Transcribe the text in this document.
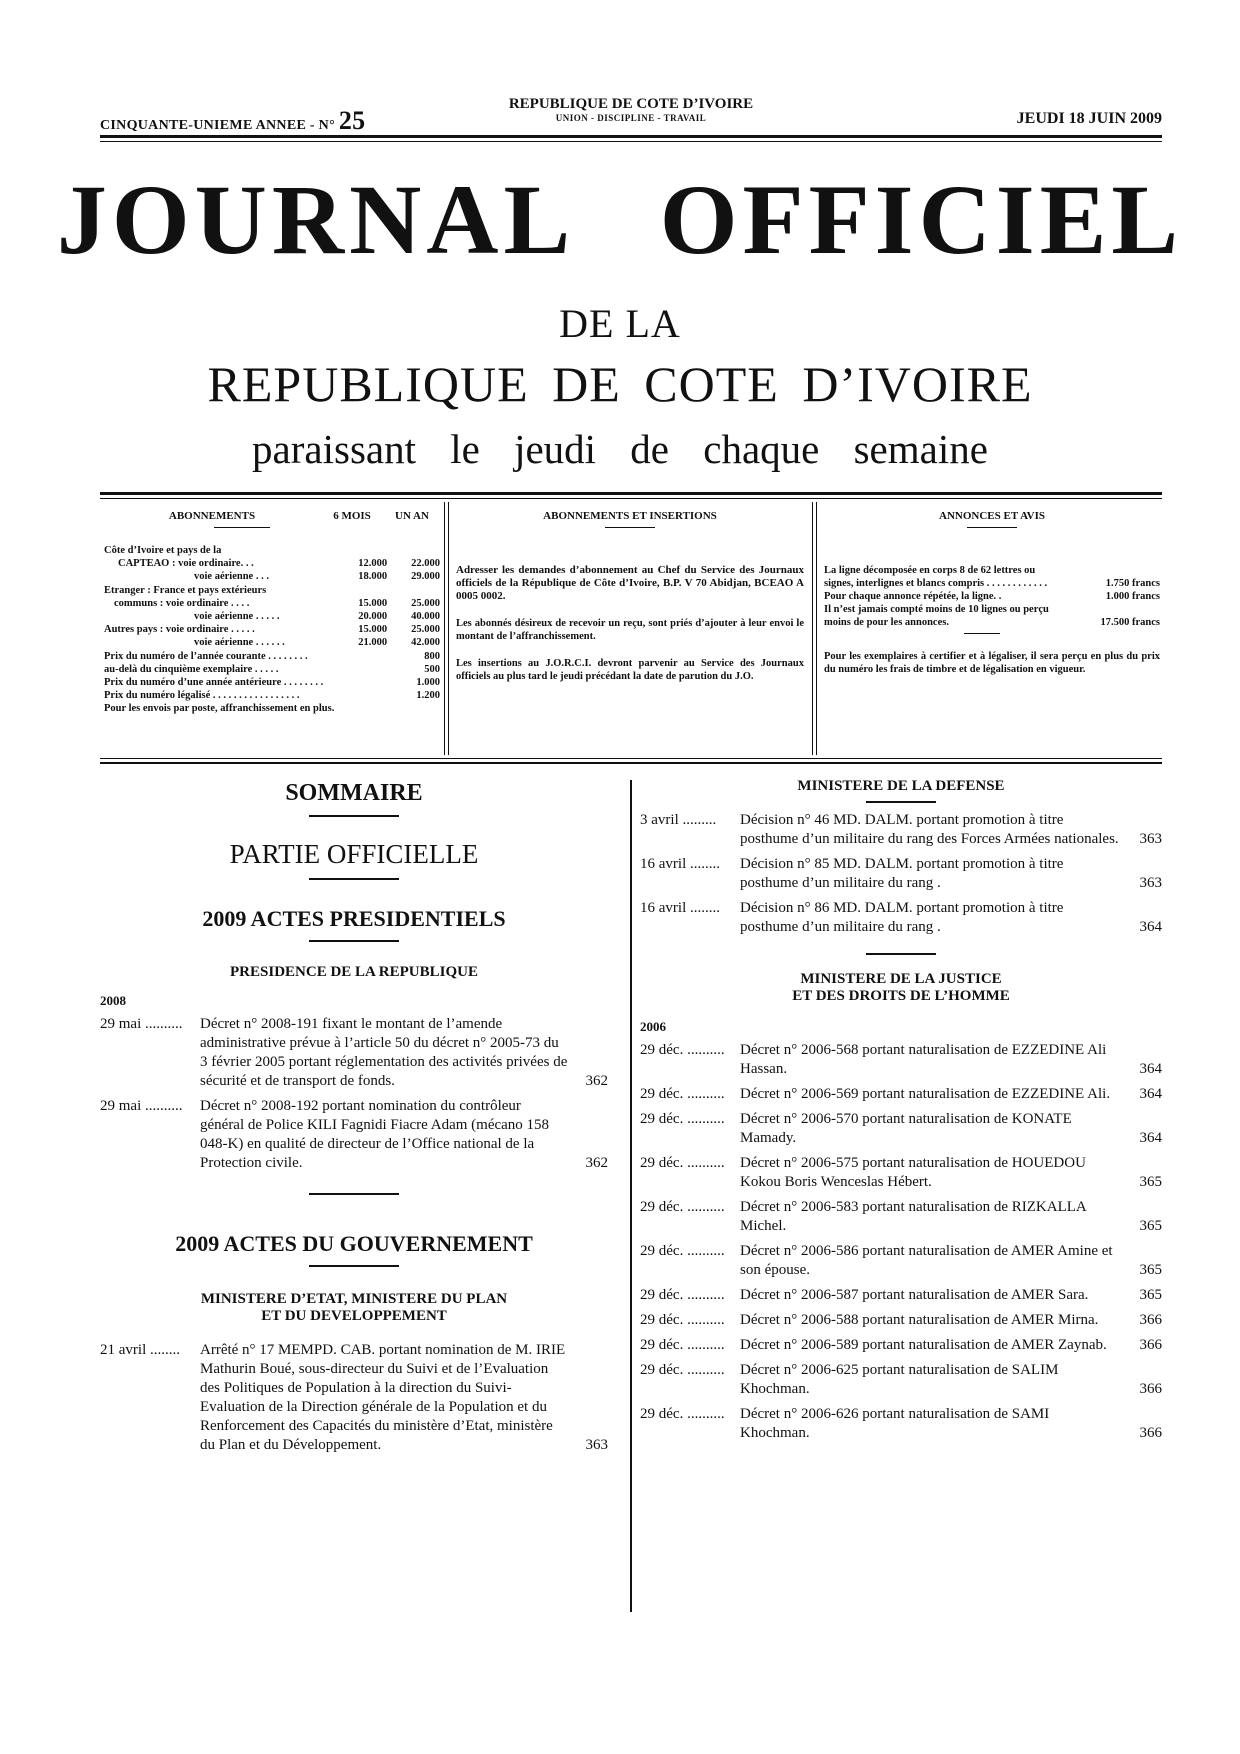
CINQUANTE-UNIEME ANNEE - N° 25
REPUBLIQUE DE COTE D’IVOIRE
UNION - DISCIPLINE - TRAVAIL	JEUDI 18 JUIN 2009
JOURNAL OFFICIEL
DE LA
REPUBLIQUE DE COTE D’IVOIRE
paraissant le jeudi de chaque semaine
ABONNEMENTS	6 MOIS	UN AN
Côte d’Ivoire et pays de la		
CAPTEAO : voie ordinaire. . .	12.000	22.000
voie aérienne . . .	18.000	29.000
Etranger : France et pays extérieurs		
communs : voie ordinaire . . . .	15.000	25.000
voie aérienne . . . . .	20.000	40.000
Autres pays : voie ordinaire . . . . .	15.000	25.000
voie aérienne . . . . . .	21.000	42.000
Prix du numéro de l’année courante . . . . . . . .		800
au-delà du cinquième exemplaire . . . . .		500
Prix du numéro d’une année antérieure . . . . . . . .		1.000
Prix du numéro légalisé . . . . . . . . . . . . . . . . .		1.200
Pour les envois par poste, affranchissement en plus.		
ABONNEMENTS ET INSERTIONS
Adresser les demandes d’abonnement au Chef du Service des Journaux officiels de la République de Côte d’Ivoire, B.P. V 70 Abidjan, BCEAO A 0005 0002.
Les abonnés désireux de recevoir un reçu, sont priés d’ajouter à leur envoi le montant de l’affranchissement.
Les insertions au J.O.R.C.I. devront parvenir au Service des Journaux officiels au plus tard le jeudi précédant la date de parution du J.O.
ANNONCES ET AVIS
La ligne décomposée en corps 8 de 62 lettres ou signes, interlignes et blancs compris . . . . . . . . . . . .	1.750 francs
Pour chaque annonce répétée, la ligne. .	1.000 francs
Il n’est jamais compté moins de 10 lignes ou perçu moins de pour les annonces.	17.500 francs
Pour les exemplaires à certifier et à légaliser, il sera perçu en plus du prix du numéro les frais de timbre et de légalisation en vigueur.
SOMMAIRE
PARTIE OFFICIELLE
2009 ACTES PRESIDENTIELS
PRESIDENCE DE LA REPUBLIQUE
2008
29 mai ..........	Décret n° 2008-191 fixant le montant de l’amende administrative prévue à l’article 50 du décret n° 2005-73 du 3 février 2005 portant réglementation des activités privées de sécurité et de transport de fonds.	362
29 mai ..........	Décret n° 2008-192 portant nomination du contrôleur général de Police KILI Fagnidi Fiacre Adam (mécano 158 048-K) en qualité de directeur de l’Office national de la Protection civile.	362
2009 ACTES DU GOUVERNEMENT
MINISTERE D’ETAT, MINISTERE DU PLAN
ET DU DEVELOPPEMENT
21 avril ........	Arrêté n° 17 MEMPD. CAB. portant nomination de M. IRIE Mathurin Boué, sous-directeur du Suivi et de l’Evaluation des Politiques de Population à la direction du Suivi-Evaluation de la Direction générale de la Population et du Renforcement des Capacités du ministère d’Etat, ministère du Plan et du Développement.	363
MINISTERE DE LA DEFENSE
3 avril .........	Décision n° 46 MD. DALM. portant promotion à titre posthume d’un militaire du rang des Forces Armées nationales.	363
16 avril ........	Décision n° 85 MD. DALM. portant promotion à titre posthume d’un militaire du rang .	363
16 avril ........	Décision n° 86 MD. DALM. portant promotion à titre posthume d’un militaire du rang .	364
MINISTERE DE LA JUSTICE
ET DES DROITS DE L’HOMME
2006
29 déc. ..........	Décret n° 2006-568 portant naturalisation de EZZEDINE Ali Hassan.	364
29 déc. ..........	Décret n° 2006-569 portant naturalisation de EZZEDINE Ali.	364
29 déc. ..........	Décret n° 2006-570 portant naturalisation de KONATE Mamady.	364
29 déc. ..........	Décret n° 2006-575 portant naturalisation de HOUEDOU Kokou Boris Wenceslas Hébert.	365
29 déc. ..........	Décret n° 2006-583 portant naturalisation de RIZKALLA Michel.	365
29 déc. ..........	Décret n° 2006-586 portant naturalisation de AMER Amine et son épouse.	365
29 déc. ..........	Décret n° 2006-587 portant naturalisation de AMER Sara.	365
29 déc. ..........	Décret n° 2006-588 portant naturalisation de AMER Mirna.	366
29 déc. ..........	Décret n° 2006-589 portant naturalisation de AMER Zaynab.	366
29 déc. ..........	Décret n° 2006-625 portant naturalisation de SALIM Khochman.	366
29 déc. ..........	Décret n° 2006-626 portant naturalisation de SAMI Khochman.	366
